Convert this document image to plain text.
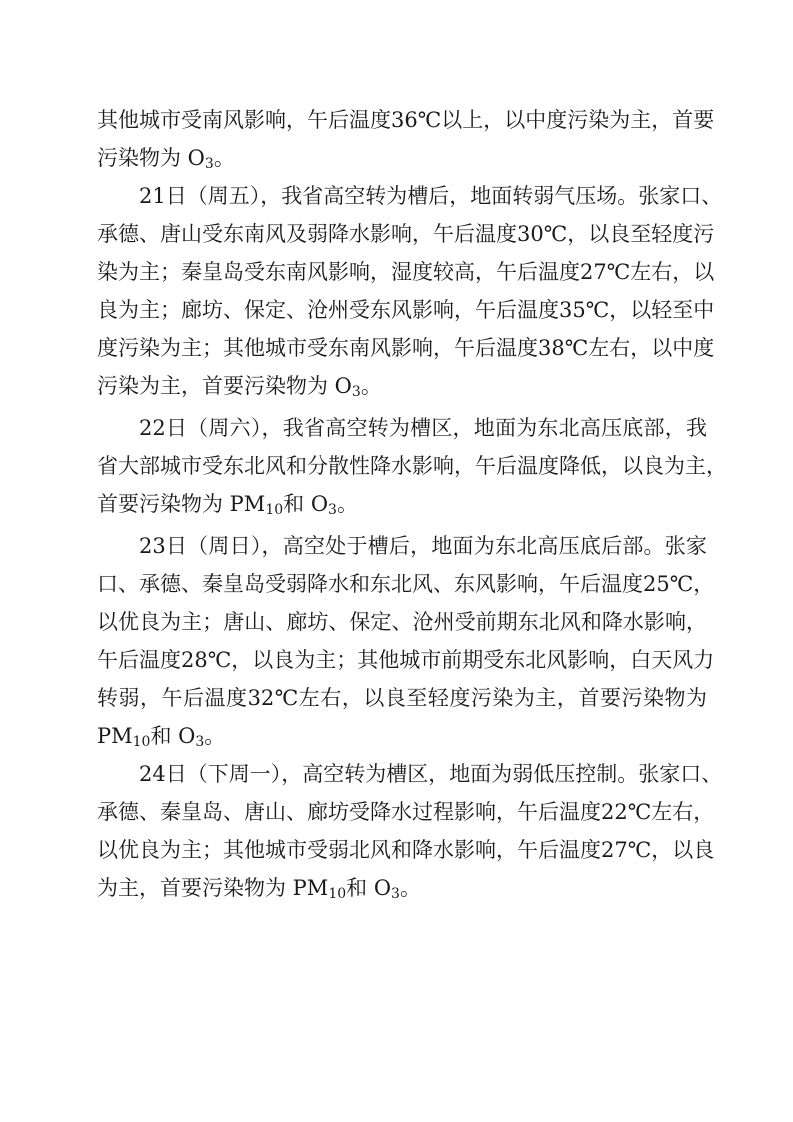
其他城市受南风影响，午后温度36℃以上，以中度污染为主，首要
污染物为 $O_3$。
21日（周五），我省高空转为槽后，地面转弱气压场。张家口、
承德、唐山受东南风及弱降水影响，午后温度30℃，以良至轻度污
染为主；秦皇岛受东南风影响，湿度较高，午后温度27℃左右，以
良为主；廊坊、保定、沧州受东风影响，午后温度35℃，以轻至中
度污染为主；其他城市受东南风影响，午后温度38℃左右，以中度
污染为主，首要污染物为 $O_3$。
22日（周六），我省高空转为槽区，地面为东北高压底部，我
省大部城市受东北风和分散性降水影响，午后温度降低，以良为主，
首要污染物为 $PM_{10}$和 $O_3$。
23日（周日），高空处于槽后，地面为东北高压底后部。张家
口、承德、秦皇岛受弱降水和东北风、东风影响，午后温度25℃，
以优良为主；唐山、廊坊、保定、沧州受前期东北风和降水影响，
午后温度28℃，以良为主；其他城市前期受东北风影响，白天风力
转弱，午后温度32℃左右，以良至轻度污染为主，首要污染物为
$PM_{10}$和 $O_3$。
24日（下周一），高空转为槽区，地面为弱低压控制。张家口、
承德、秦皇岛、唐山、廊坊受降水过程影响，午后温度22℃左右，
以优良为主；其他城市受弱北风和降水影响，午后温度27℃，以良
为主，首要污染物为 $PM_{10}$和 $O_3$。
